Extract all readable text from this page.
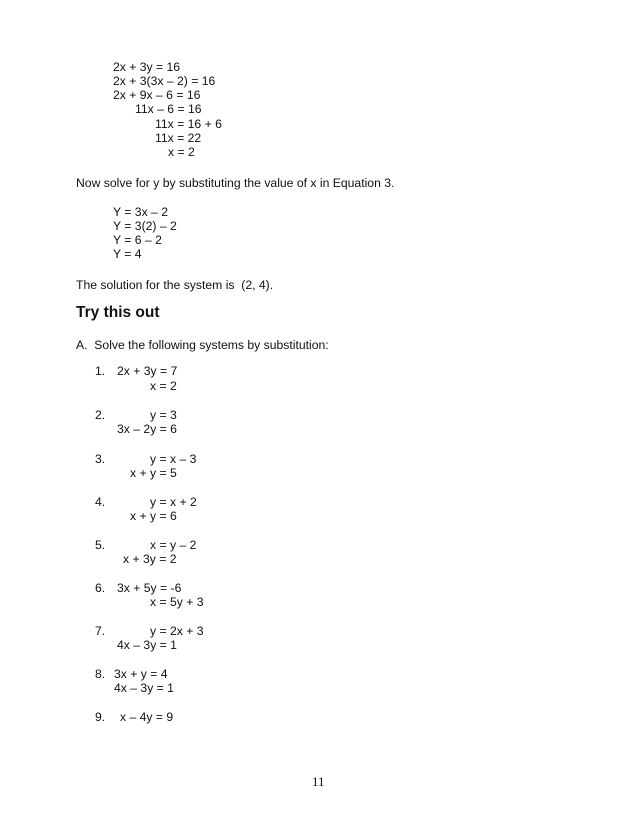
2x + 3y = 16
2x + 3(3x – 2) = 16
2x + 9x – 6 = 16
11x – 6 = 16
11x = 16 + 6
11x = 22
x = 2
Now solve for y by substituting the value of x in Equation 3.
Y = 3x – 2
Y = 3(2) – 2
Y = 6 – 2
Y = 4
The solution for the system is  (2, 4).
Try this out
A.  Solve the following systems by substitution:
1. 2x + 3y = 7
x = 2
2.	y = 3
3x – 2y = 6
3.	y = x – 3
x + y = 5
4.	y = x + 2
x + y = 6
5.	x = y – 2
x + 3y = 2
6. 3x + 5y = -6
x = 5y + 3
7.	y = 2x + 3
4x – 3y = 1
8. 3x + y = 4
4x – 3y = 1
9. x – 4y = 9
11
